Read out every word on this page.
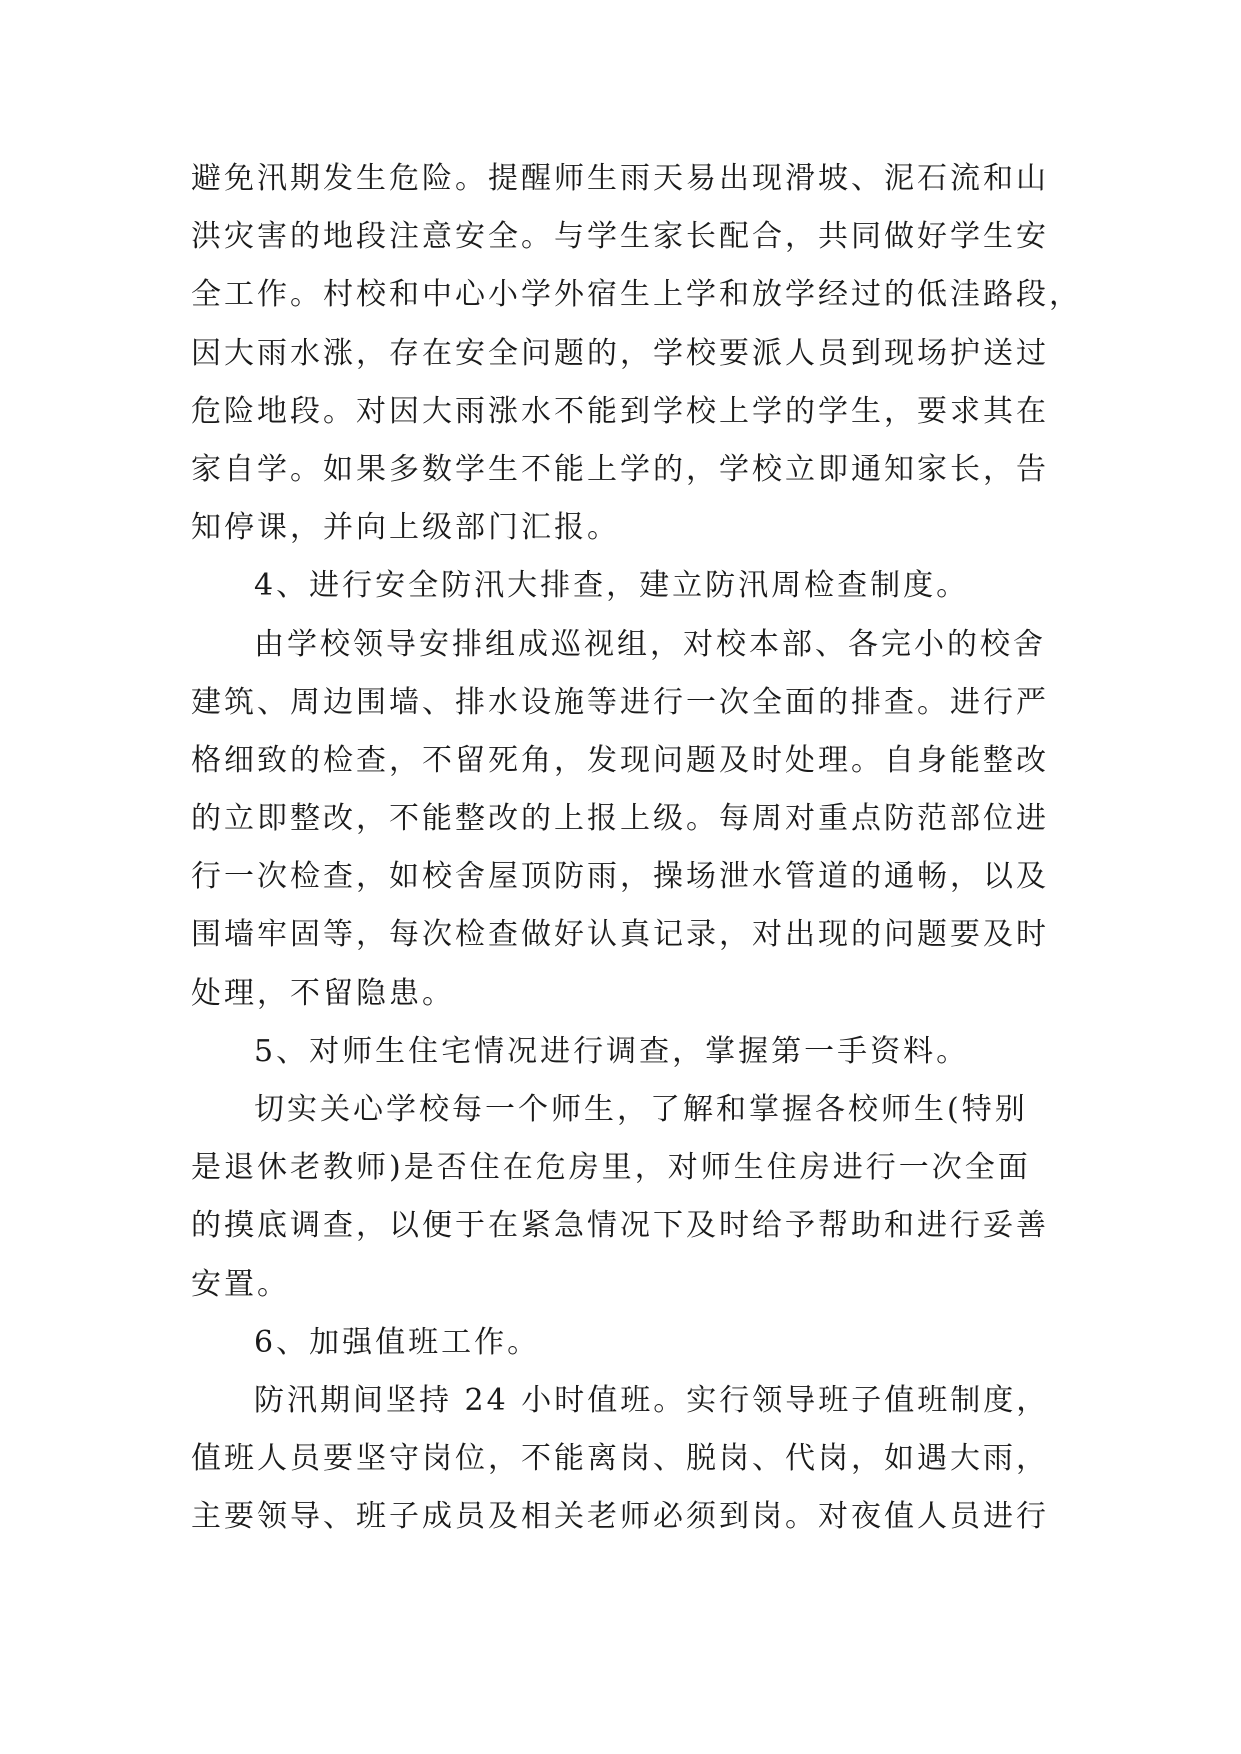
避免汛期发生危险。提醒师生雨天易出现滑坡、泥石流和山
洪灾害的地段注意安全。与学生家长配合，共同做好学生安
全工作。村校和中心小学外宿生上学和放学经过的低洼路段，
因大雨水涨，存在安全问题的，学校要派人员到现场护送过
危险地段。对因大雨涨水不能到学校上学的学生，要求其在
家自学。如果多数学生不能上学的，学校立即通知家长，告
知停课，并向上级部门汇报。
4、进行安全防汛大排查，建立防汛周检查制度。
由学校领导安排组成巡视组，对校本部、各完小的校舍
建筑、周边围墙、排水设施等进行一次全面的排查。进行严
格细致的检查，不留死角，发现问题及时处理。自身能整改
的立即整改，不能整改的上报上级。每周对重点防范部位进
行一次检查，如校舍屋顶防雨，操场泄水管道的通畅，以及
围墙牢固等，每次检查做好认真记录，对出现的问题要及时
处理，不留隐患。
5、对师生住宅情况进行调查，掌握第一手资料。
切实关心学校每一个师生，了解和掌握各校师生(特别
是退休老教师)是否住在危房里，对师生住房进行一次全面
的摸底调查，以便于在紧急情况下及时给予帮助和进行妥善
安置。
6、加强值班工作。
防汛期间坚持 24 小时值班。实行领导班子值班制度，
值班人员要坚守岗位，不能离岗、脱岗、代岗，如遇大雨，
主要领导、班子成员及相关老师必须到岗。对夜值人员进行
